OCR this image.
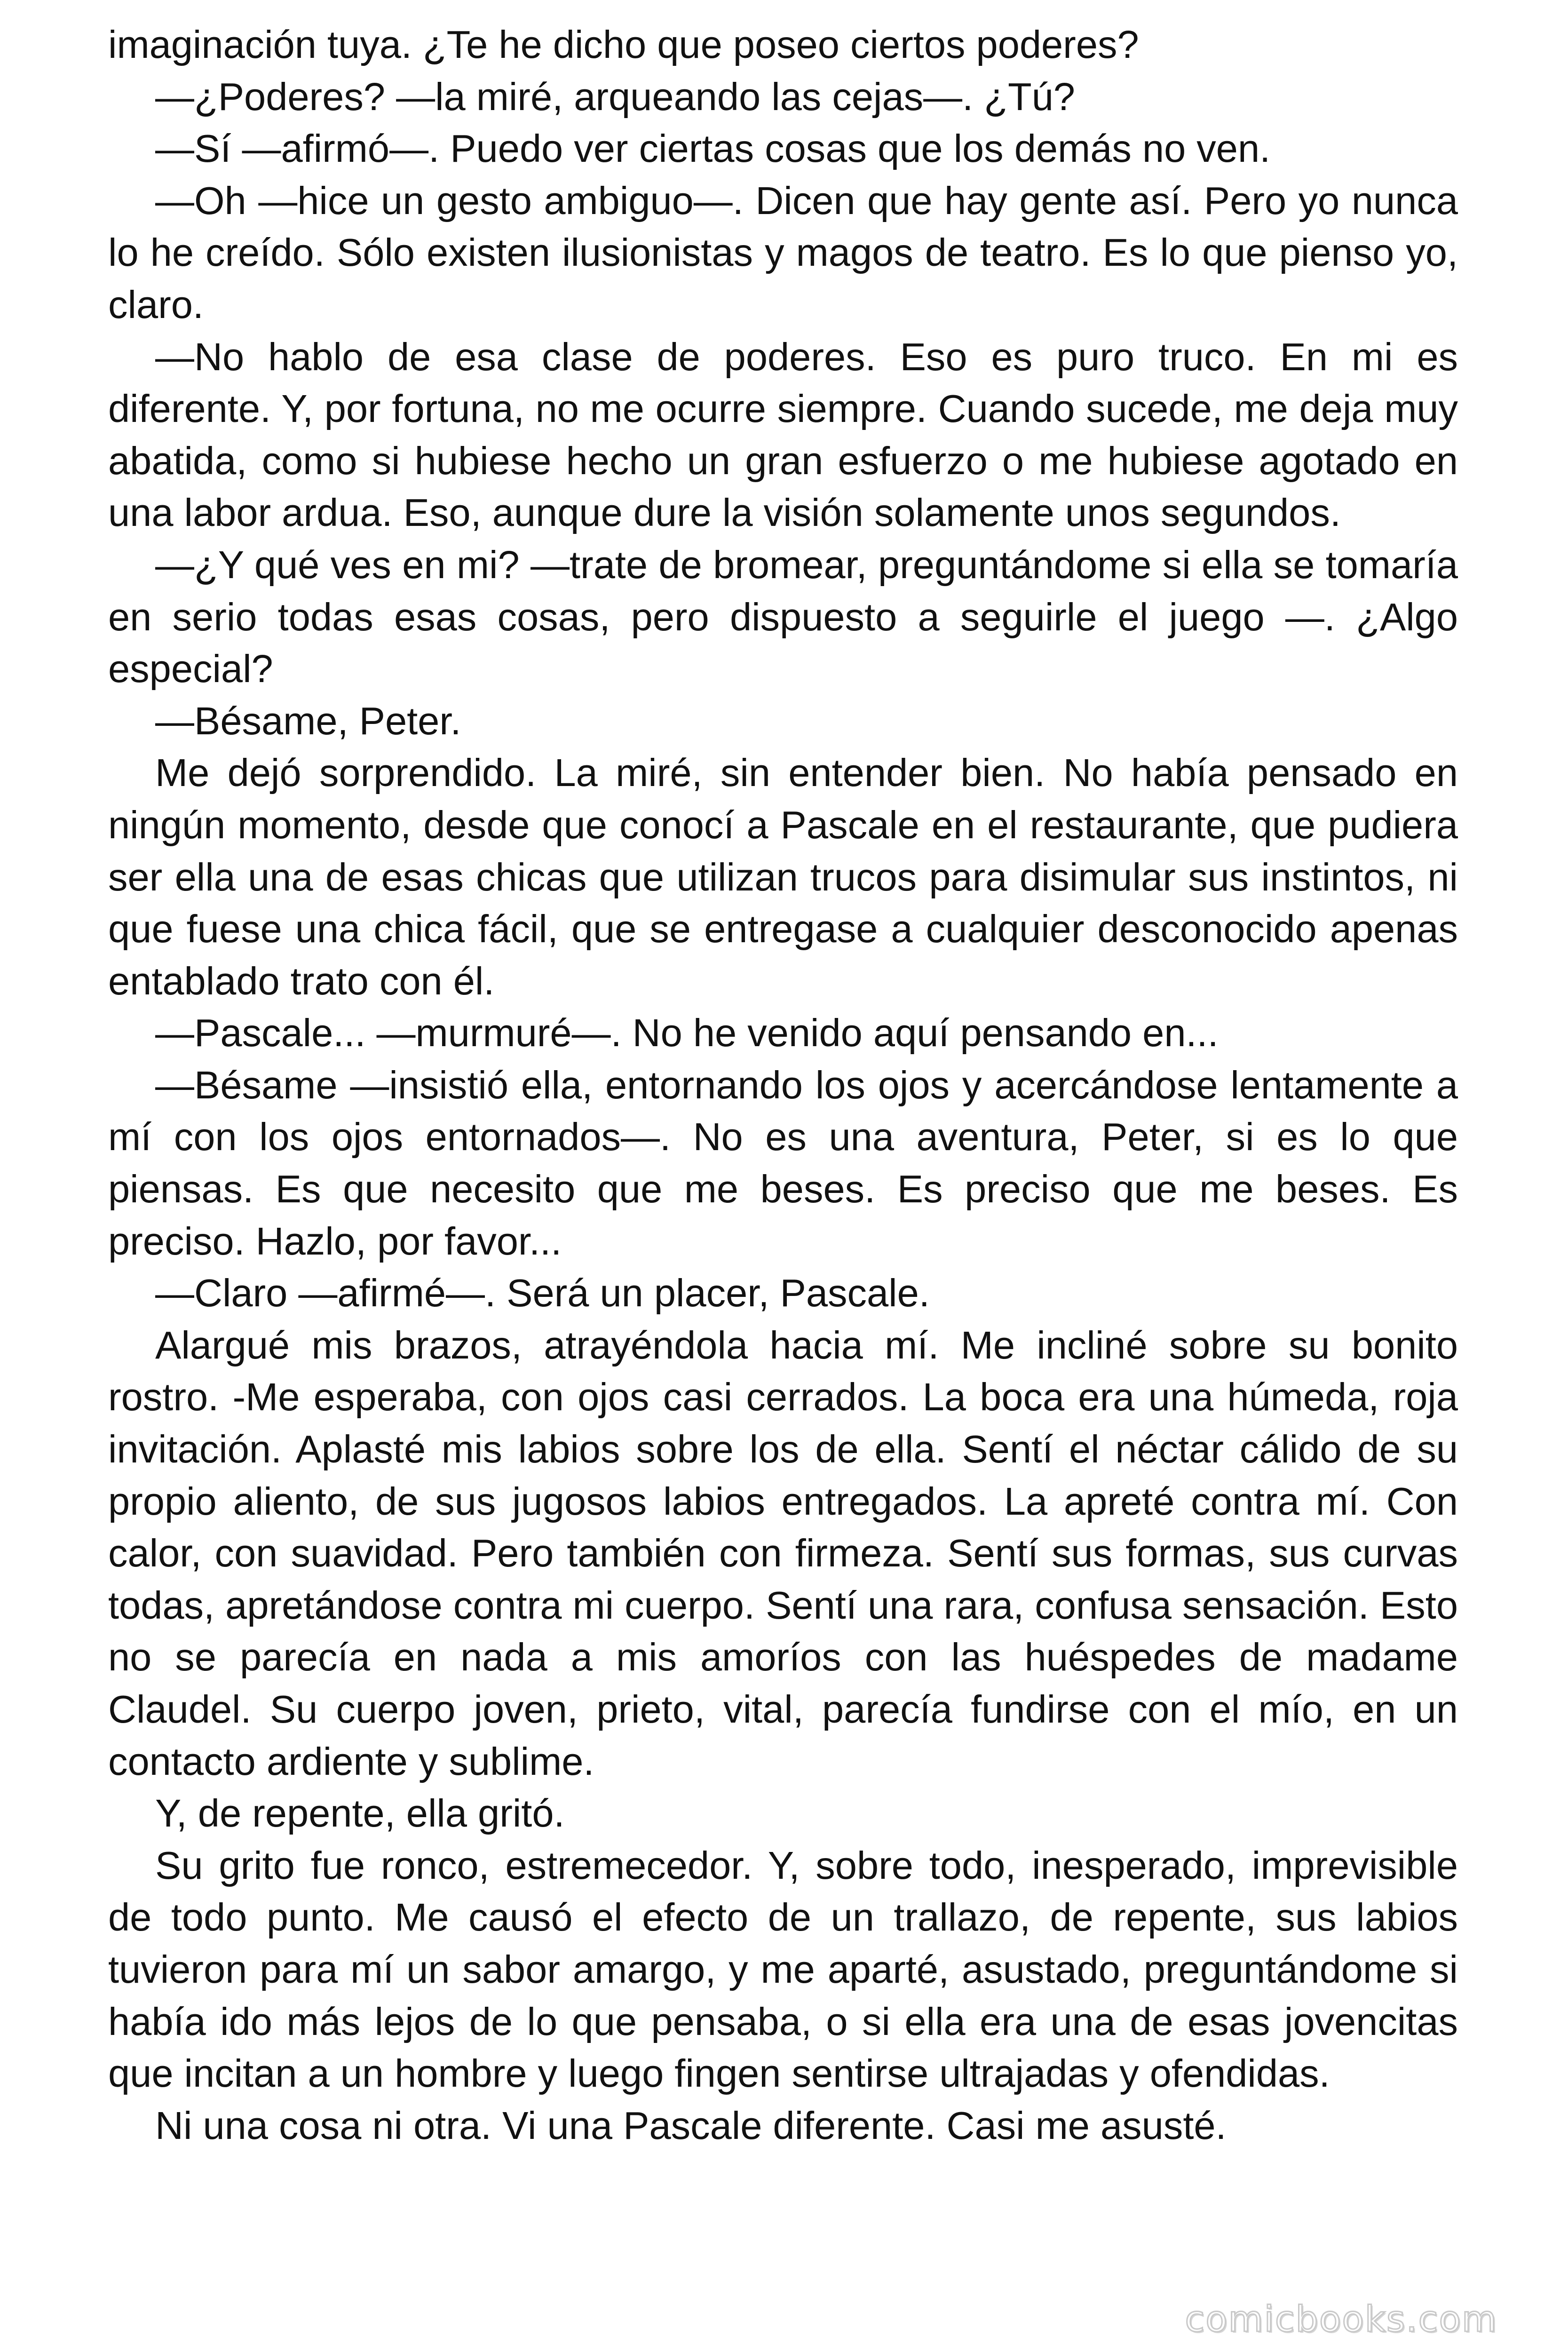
imaginación tuya. ¿Te he dicho que poseo ciertos poderes?

—¿Poderes? —la miré, arqueando las cejas—. ¿Tú?

—Sí —afirmó—. Puedo ver ciertas cosas que los demás no ven.

—Oh —hice un gesto ambiguo—. Dicen que hay gente así. Pero yo nunca lo he creído. Sólo existen ilusionistas y magos de teatro. Es lo que pienso yo, claro.

—No hablo de esa clase de poderes. Eso es puro truco. En mi es diferente. Y, por fortuna, no me ocurre siempre. Cuando sucede, me deja muy abatida, como si hubiese hecho un gran esfuerzo o me hubiese agotado en una labor ardua. Eso, aunque dure la visión solamente unos segundos.

—¿Y qué ves en mi? —trate de bromear, preguntándome si ella se tomaría en serio todas esas cosas, pero dispuesto a seguirle el juego —. ¿Algo especial?

—Bésame, Peter.

Me dejó sorprendido. La miré, sin entender bien. No había pensado en ningún momento, desde que conocí a Pascale en el restaurante, que pudiera ser ella una de esas chicas que utilizan trucos para disimular sus instintos, ni que fuese una chica fácil, que se entregase a cualquier desconocido apenas entablado trato con él.

—Pascale... —murmuré—. No he venido aquí pensando en...

—Bésame —insistió ella, entornando los ojos y acercándose lentamente a mí con los ojos entornados—. No es una aventura, Peter, si es lo que piensas. Es que necesito que me beses. Es preciso que me beses. Es preciso. Hazlo, por favor...

—Claro —afirmé—. Será un placer, Pascale.

Alargué mis brazos, atrayéndola hacia mí. Me incliné sobre su bonito rostro. -Me esperaba, con ojos casi cerrados. La boca era una húmeda, roja invitación. Aplasté mis labios sobre los de ella. Sentí el néctar cálido de su propio aliento, de sus jugosos labios entregados. La apreté contra mí. Con calor, con suavidad. Pero también con firmeza. Sentí sus formas, sus curvas todas, apretándose contra mi cuerpo. Sentí una rara, confusa sensación. Esto no se parecía en nada a mis amoríos con las huéspedes de madame Claudel. Su cuerpo joven, prieto, vital, parecía fundirse con el mío, en un contacto ardiente y sublime.

Y, de repente, ella gritó.

Su grito fue ronco, estremecedor. Y, sobre todo, inesperado, imprevisible de todo punto. Me causó el efecto de un trallazo, de repente, sus labios tuvieron para mí un sabor amargo, y me aparté, asustado, preguntándome si había ido más lejos de lo que pensaba, o si ella era una de esas jovencitas que incitan a un hombre y luego fingen sentirse ultrajadas y ofendidas.

Ni una cosa ni otra. Vi una Pascale diferente. Casi me asusté.

comicbooks.com
